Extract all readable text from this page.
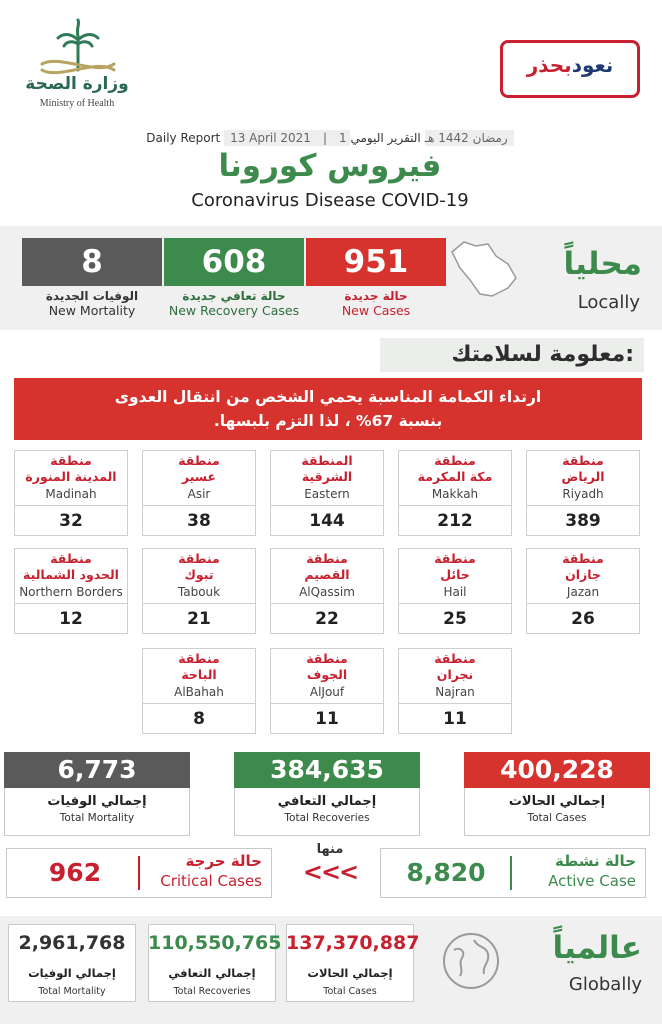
وزارة الصحة
Ministry of Health
نعودبحذر
Daily Report 13 April 2021 | 1 رمضان 1442 هـ التقرير اليومي
فيروس كورونا
Coronavirus Disease COVID-19
951
حالة جديدة
New Cases
608
حالة تعافي جديدة
New Recovery Cases
8
الوفيات الجديدة
New Mortality
محلياً
Locally
معلومة لسلامتك:
ارتداء الكمامة المناسبة يحمي الشخص من انتقال العدوى
بنسبة 67% ، لذا التزم بلبسها.
منطقة
الرياض
Riyadh
389
منطقة
مكة المكرمة
Makkah
212
المنطقة
الشرقية
Eastern
144
منطقة
عسير
Asir
38
منطقة
المدينة المنورة
Madinah
32
منطقة
جازان
Jazan
26
منطقة
حائل
Hail
25
منطقة
القصيم
AlQassim
22
منطقة
تبوك
Tabouk
21
منطقة
الحدود الشمالية
Northern Borders
12
منطقة
نجران
Najran
11
منطقة
الجوف
AlJouf
11
منطقة
الباحة
AlBahah
8
400,228
إجمالي الحالات
Total Cases
384,635
إجمالي التعافي
Total Recoveries
6,773
إجمالي الوفيات
Total Mortality
8,820	حالة نشطة
Active Case
منها
<<<
962	حالة حرجة
Critical Cases
137,370,887
إجمالي الحالات
Total Cases
110,550,765
إجمالي التعافي
Total Recoveries
2,961,768
إجمالي الوفيات
Total Mortality
عالمياً
Globally
